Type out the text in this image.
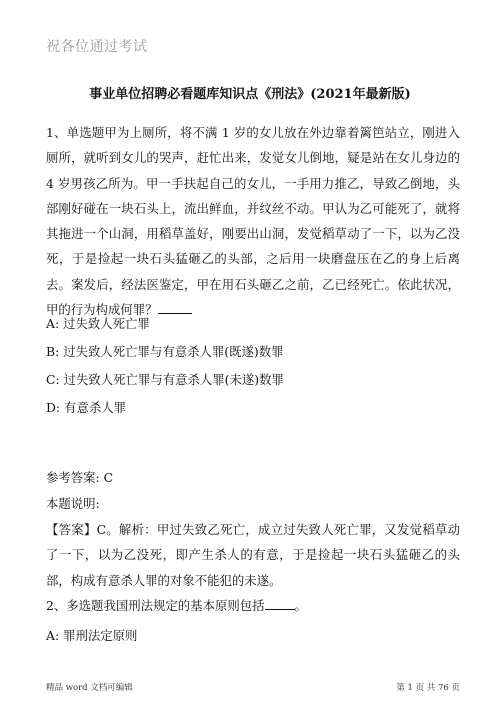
祝各位通过考试
事业单位招聘必看题库知识点《刑法》(2021年最新版)

1、单选题甲为上厕所，将不满 1 岁的女儿放在外边靠着篱笆站立，刚进入厕所，就听到女儿的哭声，赶忙出来，发觉女儿倒地，疑是站在女儿身边的 4 岁男孩乙所为。甲一手扶起自己的女儿，一手用力推乙，导致乙倒地，头部刚好碰在一块石头上，流出鲜血，并纹丝不动。甲认为乙可能死了，就将其拖进一个山洞，用稻草盖好，刚要出山洞，发觉稻草动了一下，以为乙没死，于是捡起一块石头猛砸乙的头部，之后用一块磨盘压在乙的身上后离去。案发后，经法医鉴定，甲在用石头砸乙之前，乙已经死亡。依此状况，甲的行为构成何罪？

A: 过失致人死亡罪

B: 过失致人死亡罪与有意杀人罪(既遂)数罪

C: 过失致人死亡罪与有意杀人罪(未遂)数罪

D: 有意杀人罪

参考答案: C

本题说明:

【答案】C。解析：甲过失致乙死亡，成立过失致人死亡罪，又发觉稻草动了一下，以为乙没死，即产生杀人的有意，于是捡起一块石头猛砸乙的头部，构成有意杀人罪的对象不能犯的未遂。

2、多选题我国刑法规定的基本原则包括 。

A: 罪刑法定原则

精品 word 文档可编辑	第 1 页 共 76 页
